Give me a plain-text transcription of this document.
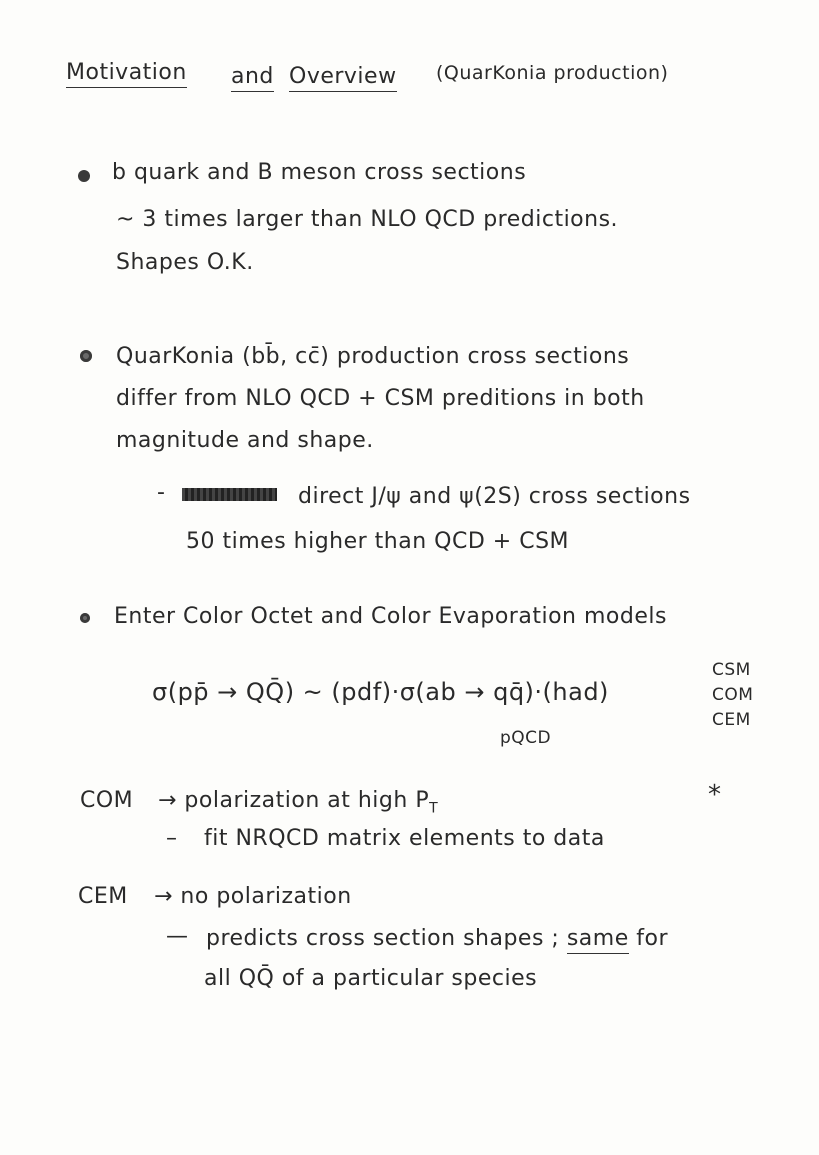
Motivation and Overview (QuarKonia production)
b quark and B meson cross sections
~ 3 times larger than NLO QCD predictions.
Shapes O.K.
QuarKonia (bb̄, cc̄) production cross sections
differ from NLO QCD + CSM preditions in both
magnitude and shape.
-	direct J/ψ and ψ(2S) cross sections
50 times higher than QCD + CSM
Enter Color Octet and Color Evaporation models
σ(pp̄ → QQ̄) ~ (pdf)·σ(ab → qq̄)·(had)
CSM
COM
CEM
pQCD
COM → polarization at high $P_T$	*
– fit NRQCD matrix elements to data
CEM → no polarization
— predicts cross section shapes ; same for
all QQ̄ of a particular species
